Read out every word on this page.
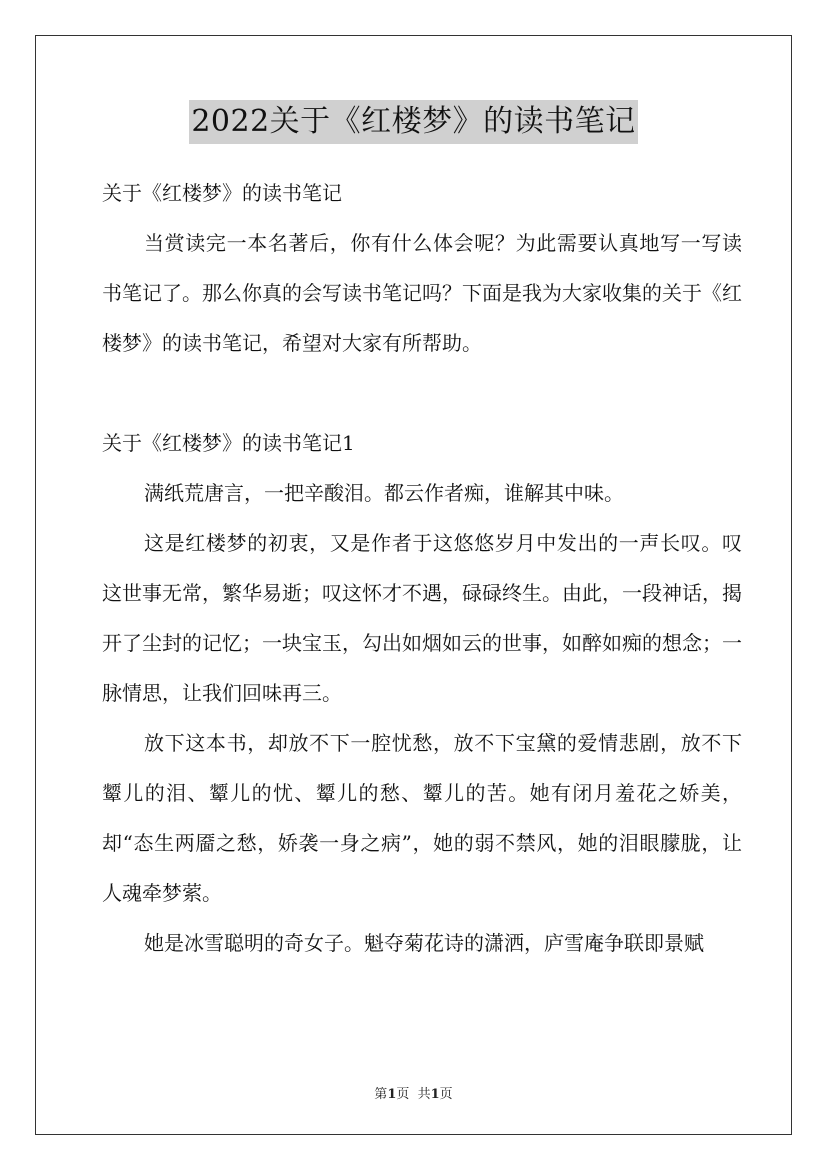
2022关于《红楼梦》的读书笔记

关于《红楼梦》的读书笔记

当赏读完一本名著后，你有什么体会呢？为此需要认真地写一写读书笔记了。那么你真的会写读书笔记吗？下面是我为大家收集的关于《红楼梦》的读书笔记，希望对大家有所帮助。

关于《红楼梦》的读书笔记1

满纸荒唐言，一把辛酸泪。都云作者痴，谁解其中味。

这是红楼梦的初衷，又是作者于这悠悠岁月中发出的一声长叹。叹这世事无常，繁华易逝；叹这怀才不遇，碌碌终生。由此，一段神话，揭开了尘封的记忆；一块宝玉，勾出如烟如云的世事，如醉如痴的想念；一脉情思，让我们回味再三。

放下这本书，却放不下一腔忧愁，放不下宝黛的爱情悲剧，放不下颦儿的泪、颦儿的忧、颦儿的愁、颦儿的苦。她有闭月羞花之娇美，却“态生两靥之愁，娇袭一身之病”，她的弱不禁风，她的泪眼朦胧，让人魂牵梦萦。

她是冰雪聪明的奇女子。魁夺菊花诗的潇洒，庐雪庵争联即景赋

第1页  共1页
